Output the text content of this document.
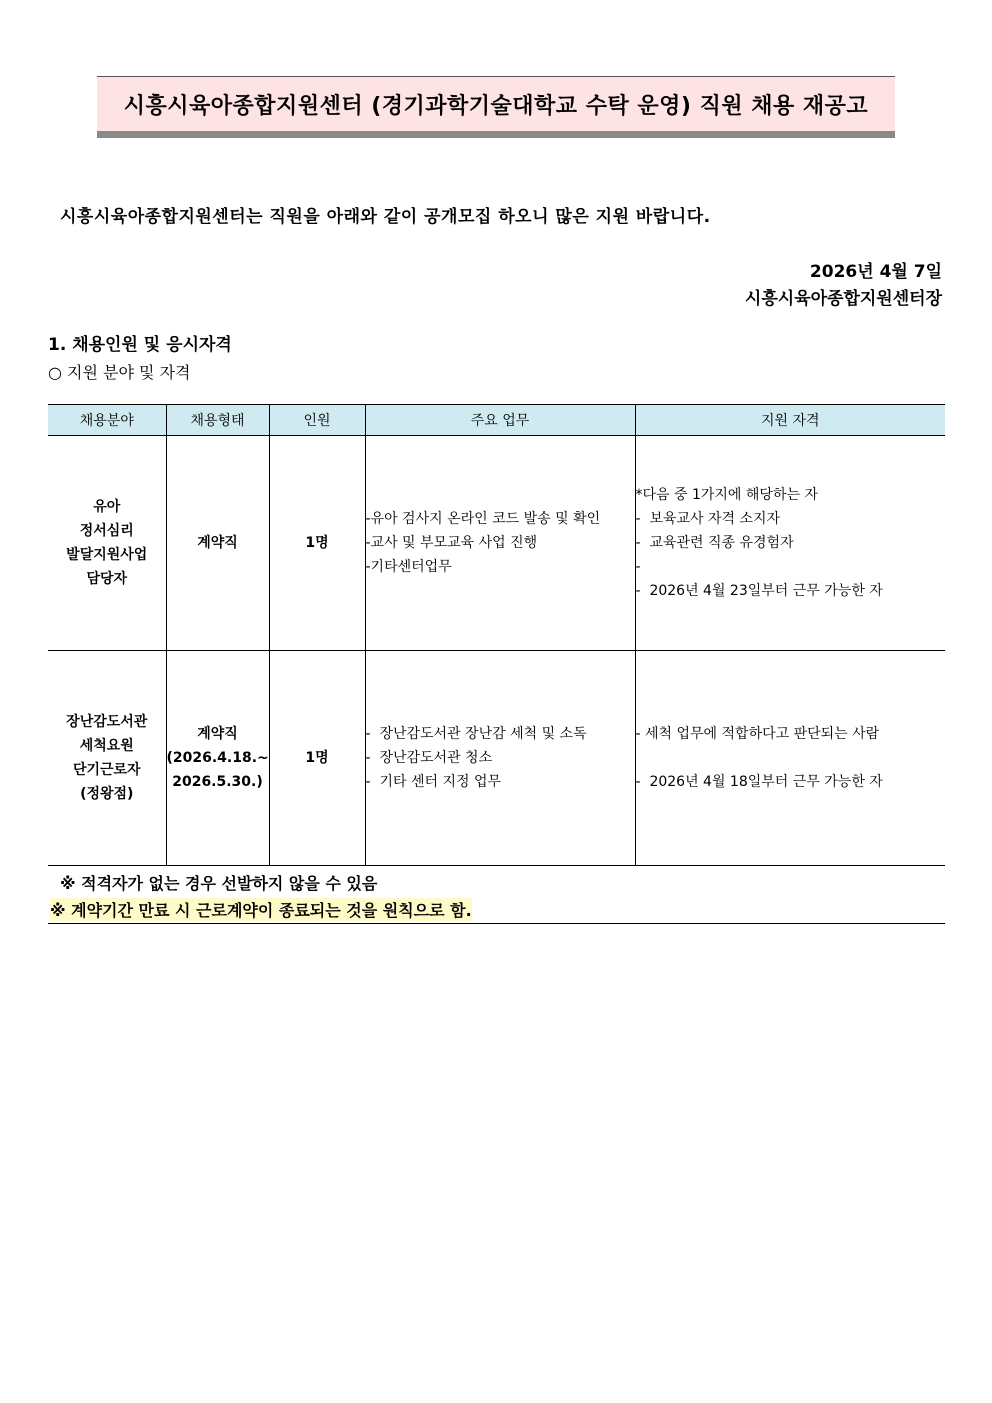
시흥시육아종합지원센터 (경기과학기술대학교 수탁 운영) 직원 채용 재공고
시흥시육아종합지원센터는 직원을 아래와 같이 공개모집 하오니 많은 지원 바랍니다.
2026년 4월 7일
시흥시육아종합지원센터장
1. 채용인원 및 응시자격
○ 지원 분야 및 자격
채용분야	채용형태	인원	주요 업무	지원 자격

유아
정서심리
발달지원사업
담당자	계약직	1명	-유아 검사지 온라인 코드 발송 및 확인
-교사 및 부모교육 사업 진행
-기타센터업무	*다음 중 1가지에 해당하는 자
-  보육교사 자격 소지자
-  교육관련 직종 유경험자
-
-  2026년 4월 23일부터 근무 가능한 자

장난감도서관
세척요원
단기근로자
(정왕점)	계약직
(2026.4.18.~
2026.5.30.)	1명	-  장난감도서관 장난감 세척 및 소독
-  장난감도서관 청소
-  기타 센터 지정 업무	- 세척 업무에 적합하다고 판단되는 사람

-  2026년 4월 18일부터 근무 가능한 자
※ 적격자가 없는 경우 선발하지 않을 수 있음
※ 계약기간 만료 시 근로계약이 종료되는 것을 원칙으로 함.
